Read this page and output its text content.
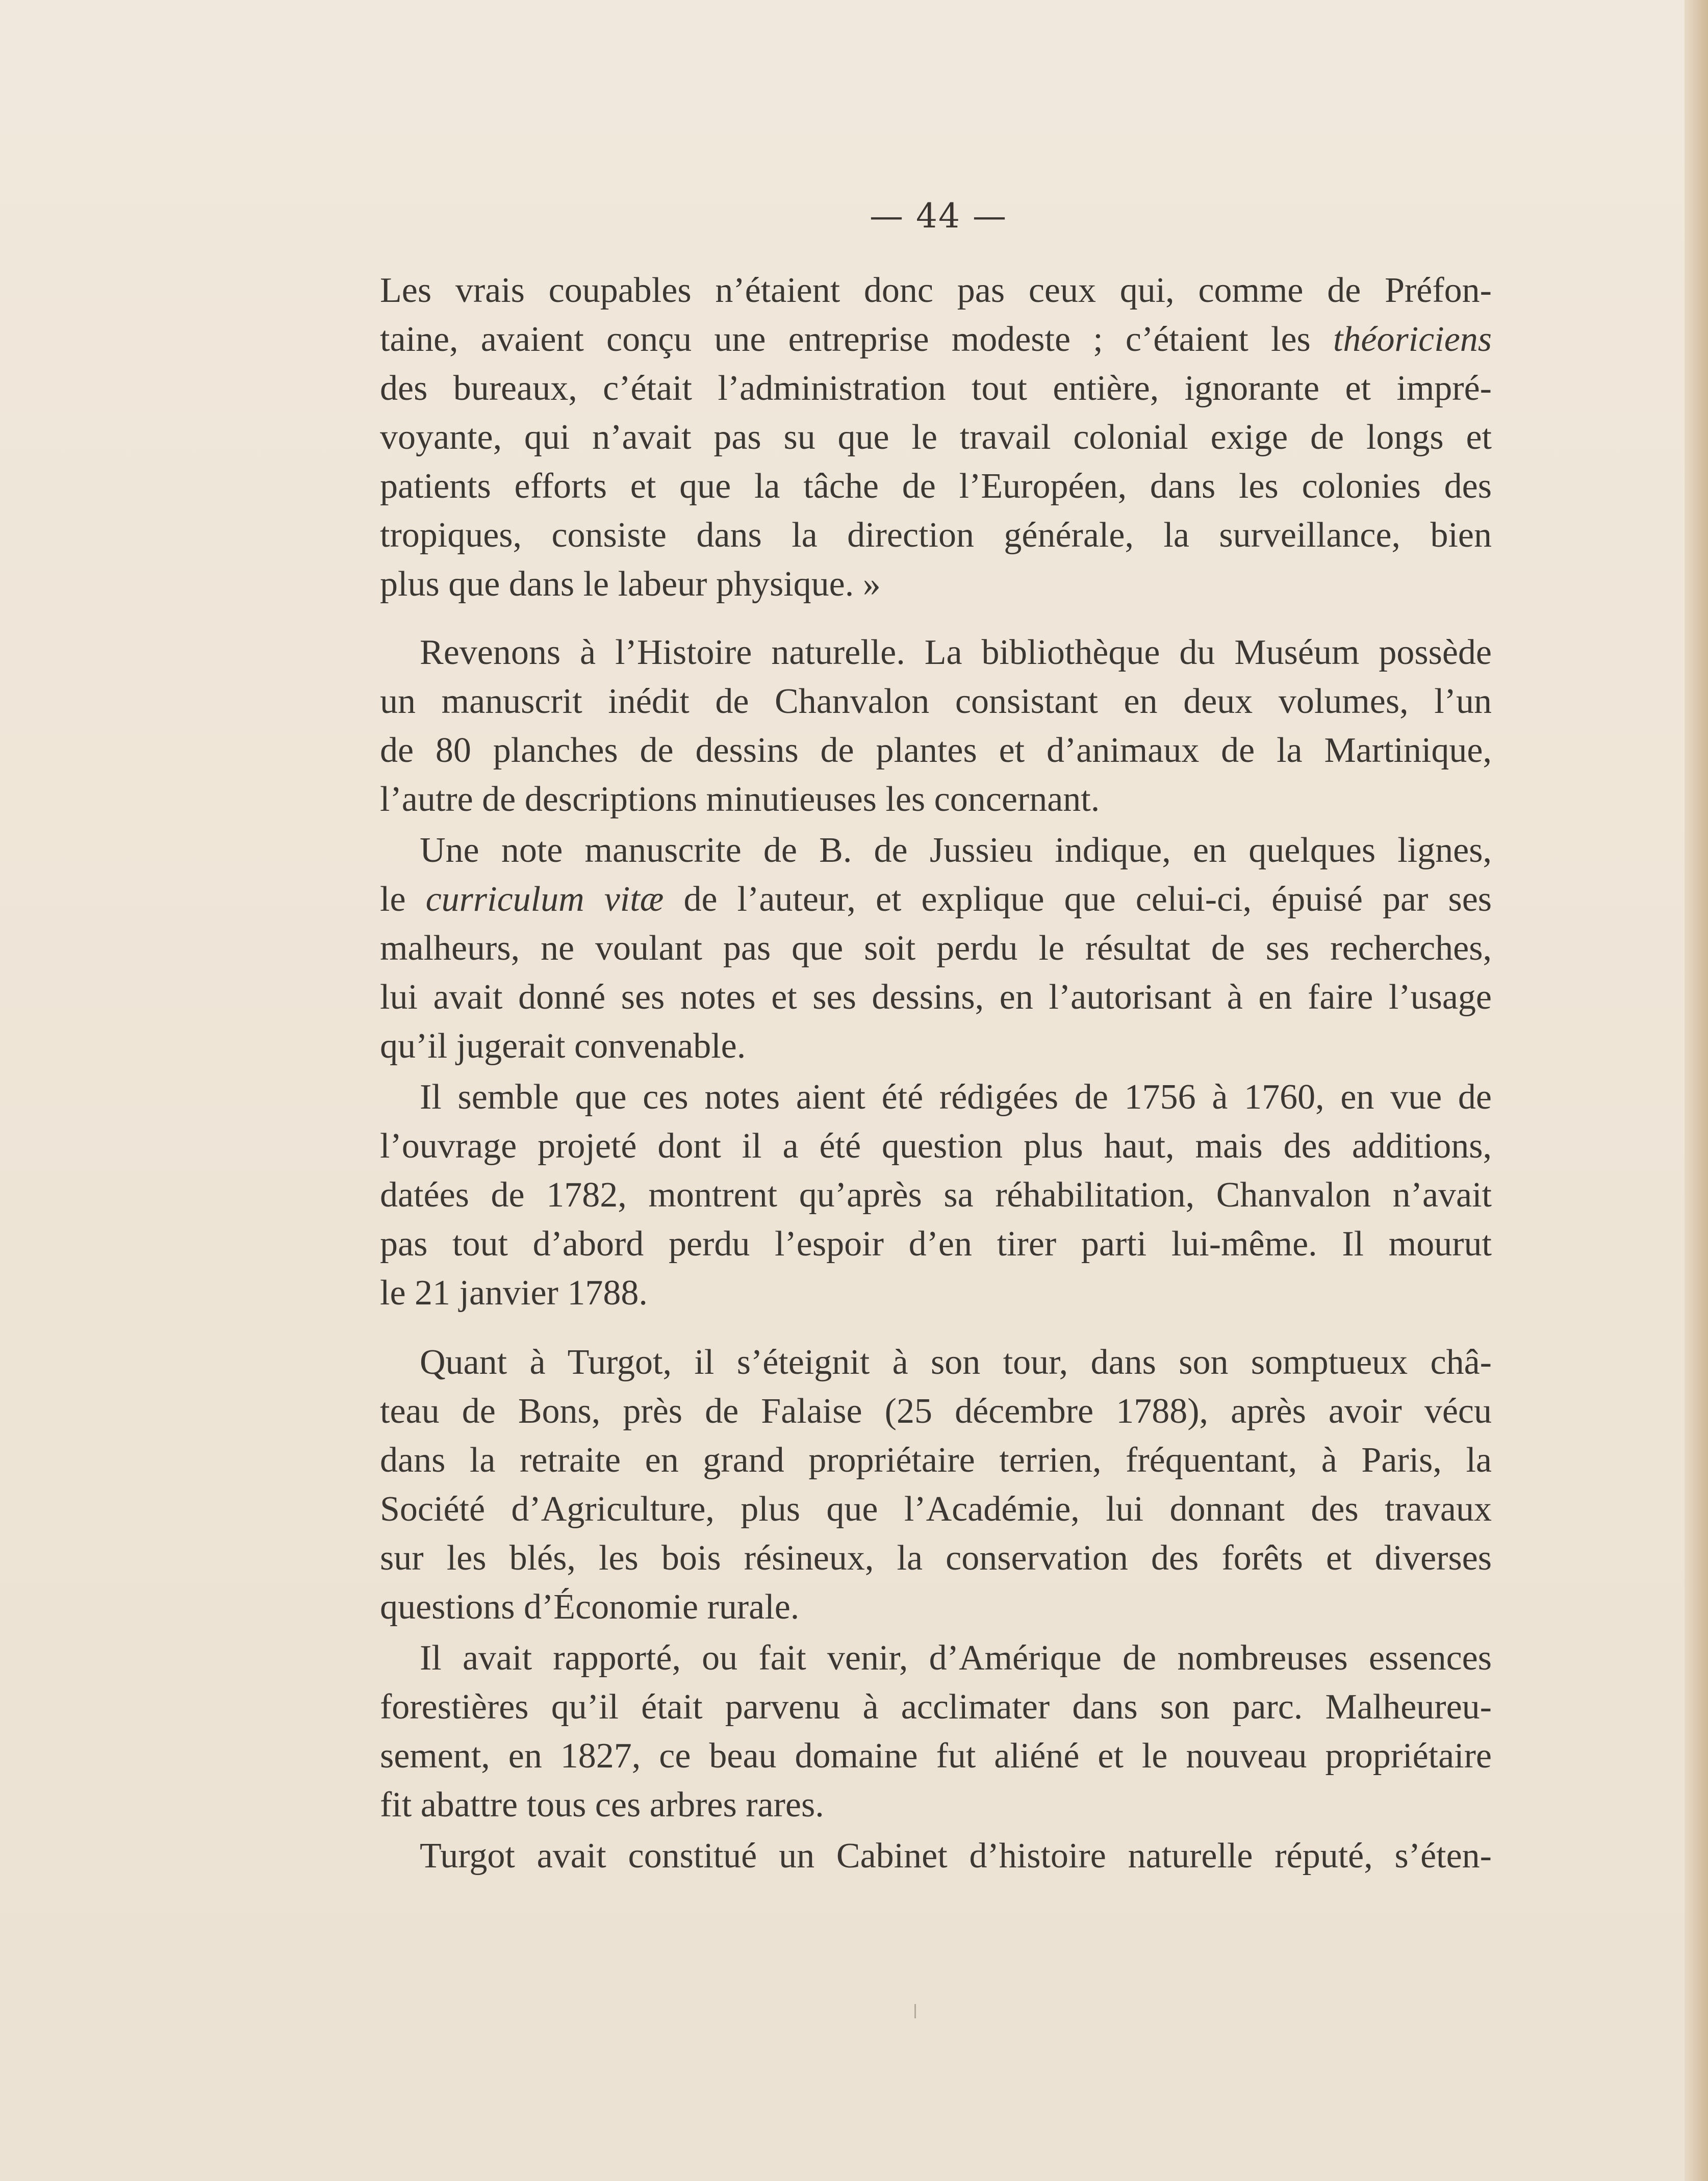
— 44 —
Les vrais coupables n’étaient donc pas ceux qui, comme de Préfon-
taine, avaient conçu une entreprise modeste ; c’étaient les théoriciens
des bureaux, c’était l’administration tout entière, ignorante et impré-
voyante, qui n’avait pas su que le travail colonial exige de longs et
patients efforts et que la tâche de l’Européen, dans les colonies des
tropiques, consiste dans la direction générale, la surveillance, bien
plus que dans le labeur physique. »
Revenons à l’Histoire naturelle. La bibliothèque du Muséum possède
un manuscrit inédit de Chanvalon consistant en deux volumes, l’un
de 80 planches de dessins de plantes et d’animaux de la Martinique,
l’autre de descriptions minutieuses les concernant.
Une note manuscrite de B. de Jussieu indique, en quelques lignes,
le curriculum vitæ de l’auteur, et explique que celui-ci, épuisé par ses
malheurs, ne voulant pas que soit perdu le résultat de ses recherches,
lui avait donné ses notes et ses dessins, en l’autorisant à en faire l’usage
qu’il jugerait convenable.
Il semble que ces notes aient été rédigées de 1756 à 1760, en vue de
l’ouvrage projeté dont il a été question plus haut, mais des additions,
datées de 1782, montrent qu’après sa réhabilitation, Chanvalon n’avait
pas tout d’abord perdu l’espoir d’en tirer parti lui-même. Il mourut
le 21 janvier 1788.
Quant à Turgot, il s’éteignit à son tour, dans son somptueux châ-
teau de Bons, près de Falaise (25 décembre 1788), après avoir vécu
dans la retraite en grand propriétaire terrien, fréquentant, à Paris, la
Société d’Agriculture, plus que l’Académie, lui donnant des travaux
sur les blés, les bois résineux, la conservation des forêts et diverses
questions d’Économie rurale.
Il avait rapporté, ou fait venir, d’Amérique de nombreuses essences
forestières qu’il était parvenu à acclimater dans son parc. Malheureu-
sement, en 1827, ce beau domaine fut aliéné et le nouveau propriétaire
fit abattre tous ces arbres rares.
Turgot avait constitué un Cabinet d’histoire naturelle réputé, s’éten-
